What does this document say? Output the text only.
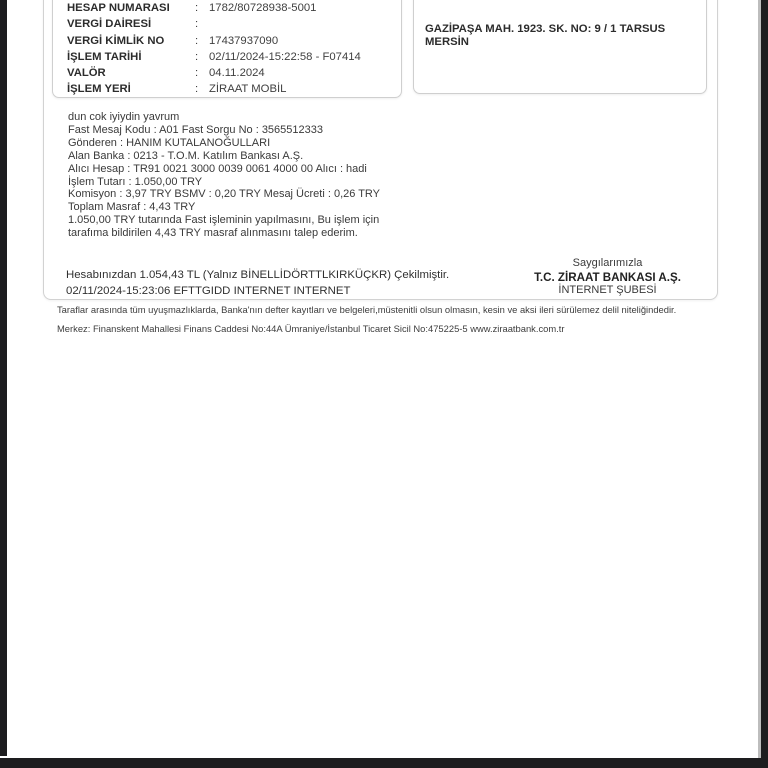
HESAP NUMARASI	: 1782/80728938-5001
VERGİ DAİRESİ	:
VERGİ KİMLİK NO	: 17437937090
İŞLEM TARİHİ	: 02/11/2024-15:22:58 - F07414
VALÖR	: 04.11.2024
İŞLEM YERİ	: ZİRAAT MOBİL
GAZİPAŞA MAH. 1923. SK. NO: 9 / 1 TARSUS MERSİN
dun cok iyiydin yavrum
Fast Mesaj Kodu : A01 Fast Sorgu No : 3565512333
Gönderen : HANIM KUTALANOĞULLARI
Alan Banka : 0213 - T.O.M. Katılım Bankası A.Ş.
Alıcı Hesap : TR91 0021 3000 0039 0061 4000 00 Alıcı : hadi
İşlem Tutarı : 1.050,00 TRY
Komisyon : 3,97 TRY BSMV : 0,20 TRY Mesaj Ücreti : 0,26 TRY
Toplam Masraf : 4,43 TRY
1.050,00 TRY tutarında Fast işleminin yapılmasını, Bu işlem için
tarafıma bildirilen 4,43 TRY masraf alınmasını talep ederim.
Hesabınızdan 1.054,43 TL (Yalnız BİNELLİDÖRTTLKIRKÜÇKR) Çekilmiştir.
02/11/2024-15:23:06 EFTTGIDD INTERNET INTERNET
Saygılarımızla
T.C. ZİRAAT BANKASI A.Ş.
İNTERNET ŞUBESİ
Taraflar arasında tüm uyuşmazlıklarda, Banka'nın defter kayıtları ve belgeleri,müstenitli olsun olmasın, kesin ve aksi ileri sürülemez delil niteliğindedir.
Merkez: Finanskent Mahallesi Finans Caddesi No:44A Ümraniye/İstanbul Ticaret Sicil No:475225-5 www.ziraatbank.com.tr
